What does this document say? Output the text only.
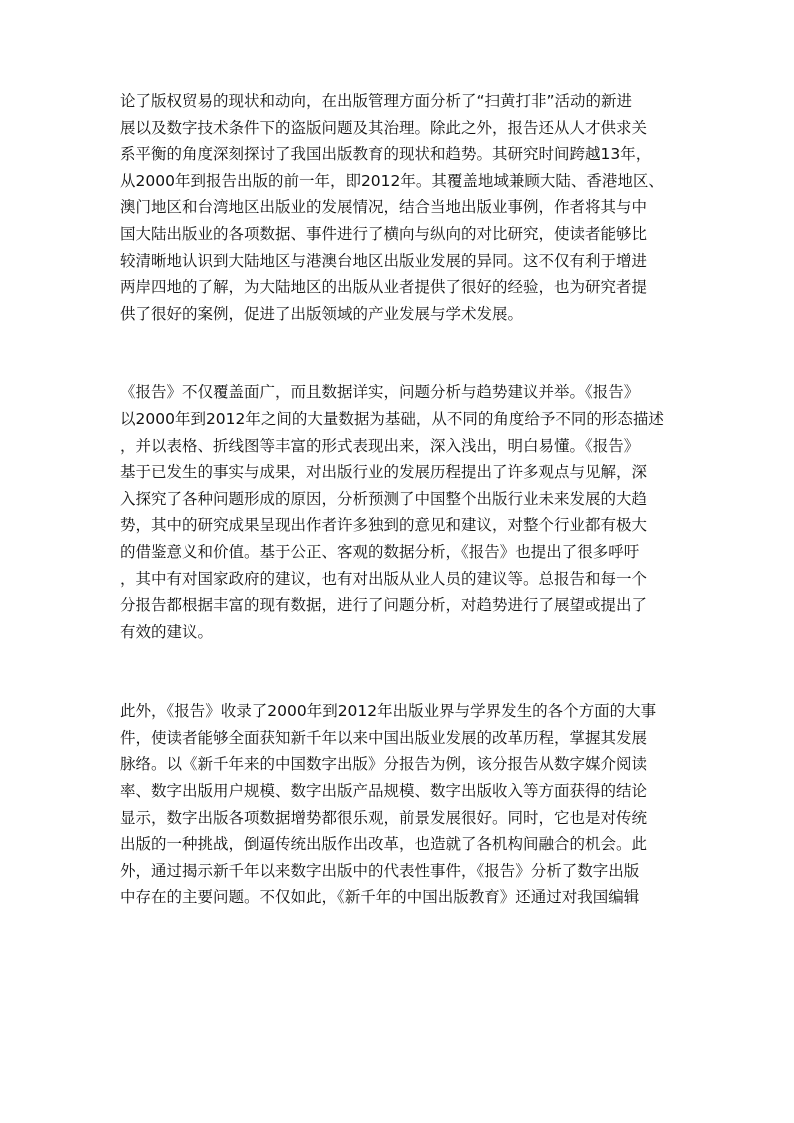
论了版权贸易的现状和动向，在出版管理方面分析了“扫黄打非”活动的新进
展以及数字技术条件下的盗版问题及其治理。除此之外，报告还从人才供求关
系平衡的角度深刻探讨了我国出版教育的现状和趋势。其研究时间跨越13年，
从2000年到报告出版的前一年，即2012年。其覆盖地域兼顾大陆、香港地区、
澳门地区和台湾地区出版业的发展情况，结合当地出版业事例，作者将其与中
国大陆出版业的各项数据、事件进行了横向与纵向的对比研究，使读者能够比
较清晰地认识到大陆地区与港澳台地区出版业发展的异同。这不仅有利于增进
两岸四地的了解，为大陆地区的出版从业者提供了很好的经验，也为研究者提
供了很好的案例，促进了出版领域的产业发展与学术发展。
《报告》不仅覆盖面广，而且数据详实，问题分析与趋势建议并举。《报告》
以2000年到2012年之间的大量数据为基础，从不同的角度给予不同的形态描述
，并以表格、折线图等丰富的形式表现出来，深入浅出，明白易懂。《报告》
基于已发生的事实与成果，对出版行业的发展历程提出了许多观点与见解，深
入探究了各种问题形成的原因，分析预测了中国整个出版行业未来发展的大趋
势，其中的研究成果呈现出作者许多独到的意见和建议，对整个行业都有极大
的借鉴意义和价值。基于公正、客观的数据分析，《报告》也提出了很多呼吁
，其中有对国家政府的建议，也有对出版从业人员的建议等。总报告和每一个
分报告都根据丰富的现有数据，进行了问题分析，对趋势进行了展望或提出了
有效的建议。
此外，《报告》收录了2000年到2012年出版业界与学界发生的各个方面的大事
件，使读者能够全面获知新千年以来中国出版业发展的改革历程，掌握其发展
脉络。以《新千年来的中国数字出版》分报告为例，该分报告从数字媒介阅读
率、数字出版用户规模、数字出版产品规模、数字出版收入等方面获得的结论
显示，数字出版各项数据增势都很乐观，前景发展很好。同时，它也是对传统
出版的一种挑战，倒逼传统出版作出改革，也造就了各机构间融合的机会。此
外，通过揭示新千年以来数字出版中的代表性事件，《报告》分析了数字出版
中存在的主要问题。不仅如此，《新千年的中国出版教育》还通过对我国编辑
